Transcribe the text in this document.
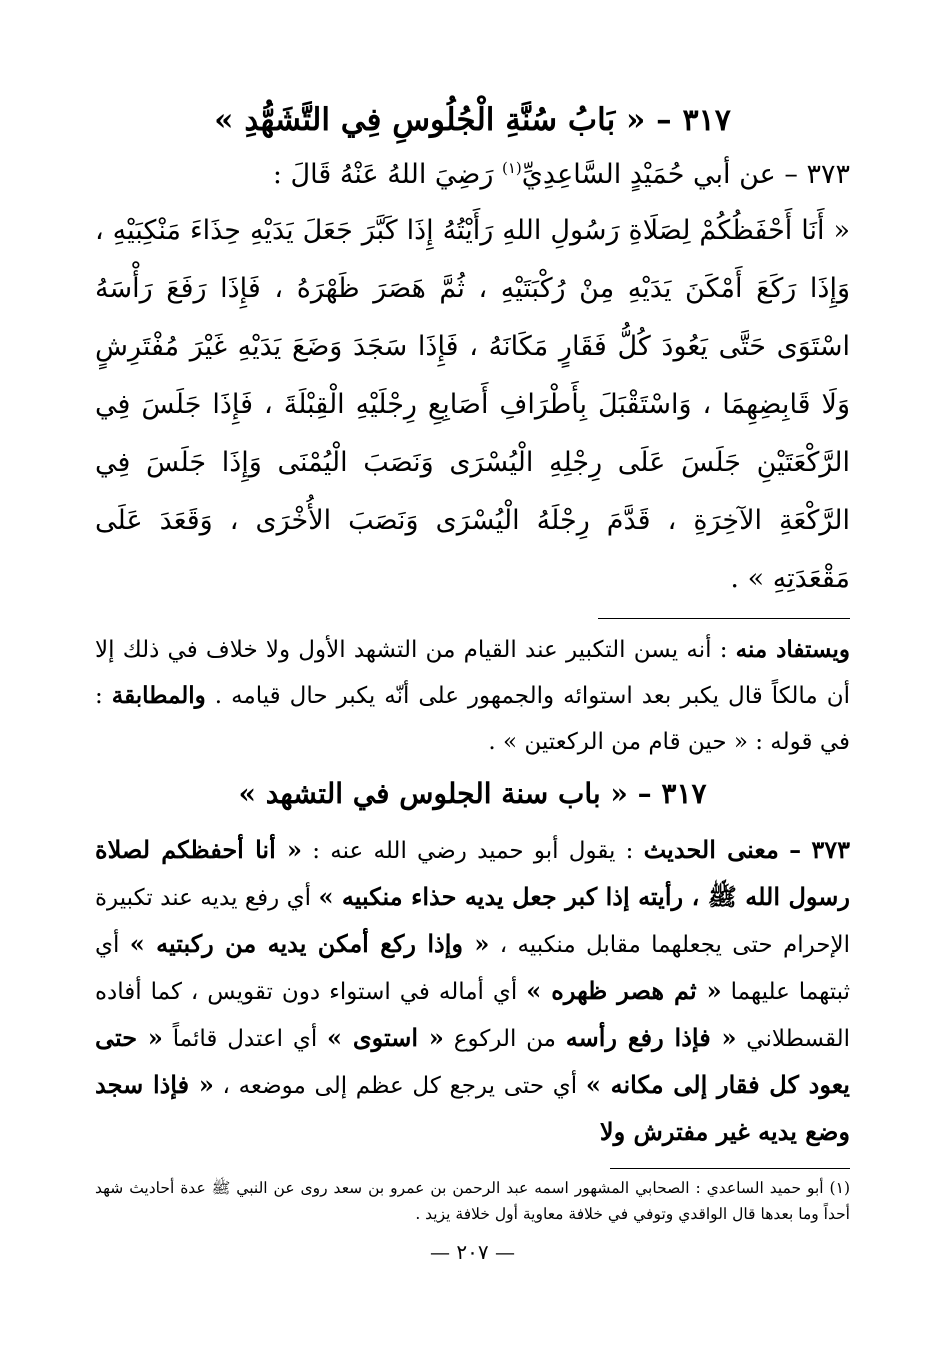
٣١٧ – « بَابُ سُنَّةِ الْجُلُوسِ فِي التَّشَهُّدِ »

٣٧٣ – عن أبي حُمَيْدٍ السَّاعِدِيِّ$^{(١)}$ رَضِيَ اللهُ عَنْهُ قَالَ :

« أَنَا أَحْفَظُكُمْ لِصَلَاةِ رَسُولِ اللهِ رَأَيْتُهُ إِذَا كَبَّرَ جَعَلَ يَدَيْهِ حِذَاءَ مَنْكِبَيْهِ ، وَإِذَا رَكَعَ أَمْكَنَ يَدَيْهِ مِنْ رُكْبَتَيْهِ ، ثُمَّ هَصَرَ ظَهْرَهُ ، فَإِذَا رَفَعَ رَأْسَهُ اسْتَوَى حَتَّى يَعُودَ كُلُّ فَقَارٍ مَكَانَهُ ، فَإِذَا سَجَدَ وَضَعَ يَدَيْهِ غَيْرَ مُفْتَرِشٍ وَلَا قَابِضِهِمَا ، وَاسْتَقْبَلَ بِأَطْرَافِ أَصَابِعِ رِجْلَيْهِ الْقِبْلَةَ ، فَإِذَا جَلَسَ فِي الرَّكْعَتَيْنِ جَلَسَ عَلَى رِجْلِهِ الْيُسْرَى وَنَصَبَ الْيُمْنَى وَإِذَا جَلَسَ فِي الرَّكْعَةِ الآخِرَةِ ، قَدَّمَ رِجْلَهُ الْيُسْرَى وَنَصَبَ الأُخْرَى ، وَقَعَدَ عَلَى مَقْعَدَتِهِ » .

ويستفاد منه : أنه يسن التكبير عند القيام من التشهد الأول ولا خلاف في ذلك إلا أن مالكاً قال يكبر بعد استوائه والجمهور على أنّه يكبر حال قيامه . والمطابقة : في قوله : « حين قام من الركعتين » .

٣١٧ – « باب سنة الجلوس في التشهد »

٣٧٣ – معنى الحديث : يقول أبو حميد رضي الله عنه : « أنا أحفظكم لصلاة رسول الله ﷺ ، رأيته إذا كبر جعل يديه حذاء منكبيه » أي رفع يديه عند تكبيرة الإحرام حتى يجعلهما مقابل منكبيه ، « وإذا ركع أمكن يديه من ركبتيه » أي ثبتهما عليهما « ثم هصر ظهره » أي أماله في استواء دون تقويس ، كما أفاده القسطلاني « فإذا رفع رأسه من الركوع « استوى » أي اعتدل قائماً « حتى يعود كل فقار إلى مكانه » أي حتى يرجع كل عظم إلى موضعه ، « فإذا سجد وضع يديه غير مفترش ولا

(١) أبو حميد الساعدي : الصحابي المشهور اسمه عبد الرحمن بن عمرو بن سعد روى عن النبي ﷺ عدة أحاديث شهد أحداً وما بعدها قال الواقدي وتوفي في خلافة معاوية أول خلافة يزيد .

— ٢٠٧ —
